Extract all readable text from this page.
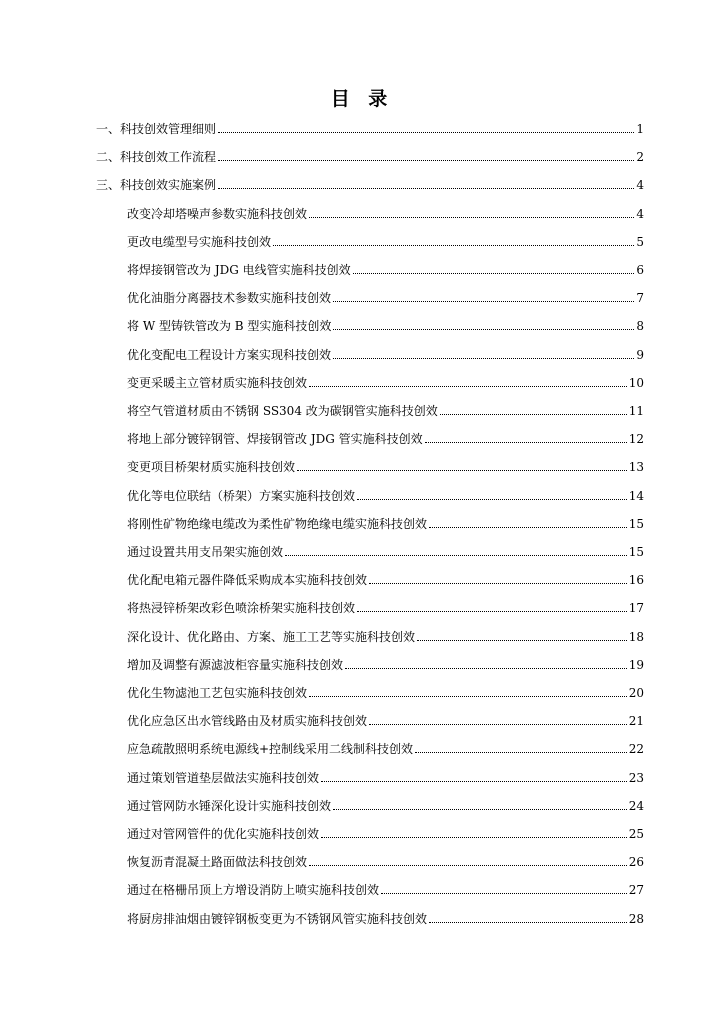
目 录
一、科技创效管理细则	1
二、科技创效工作流程	2
三、科技创效实施案例	4
改变冷却塔噪声参数实施科技创效	4
更改电缆型号实施科技创效	5
将焊接钢管改为 JDG 电线管实施科技创效	6
优化油脂分离器技术参数实施科技创效	7
将 W 型铸铁管改为 B 型实施科技创效	8
优化变配电工程设计方案实现科技创效	9
变更采暖主立管材质实施科技创效	10
将空气管道材质由不锈钢 SS304 改为碳钢管实施科技创效	11
将地上部分镀锌钢管、焊接钢管改 JDG 管实施科技创效	12
变更项目桥架材质实施科技创效	13
优化等电位联结（桥架）方案实施科技创效	14
将刚性矿物绝缘电缆改为柔性矿物绝缘电缆实施科技创效	15
通过设置共用支吊架实施创效	15
优化配电箱元器件降低采购成本实施科技创效	16
将热浸锌桥架改彩色喷涂桥架实施科技创效	17
深化设计、优化路由、方案、施工工艺等实施科技创效	18
增加及调整有源滤波柜容量实施科技创效	19
优化生物滤池工艺包实施科技创效	20
优化应急区出水管线路由及材质实施科技创效	21
应急疏散照明系统电源线+控制线采用二线制科技创效	22
通过策划管道垫层做法实施科技创效	23
通过管网防水锤深化设计实施科技创效	24
通过对管网管件的优化实施科技创效	25
恢复沥青混凝土路面做法科技创效	26
通过在格栅吊顶上方增设消防上喷实施科技创效	27
将厨房排油烟由镀锌钢板变更为不锈钢风管实施科技创效	28
